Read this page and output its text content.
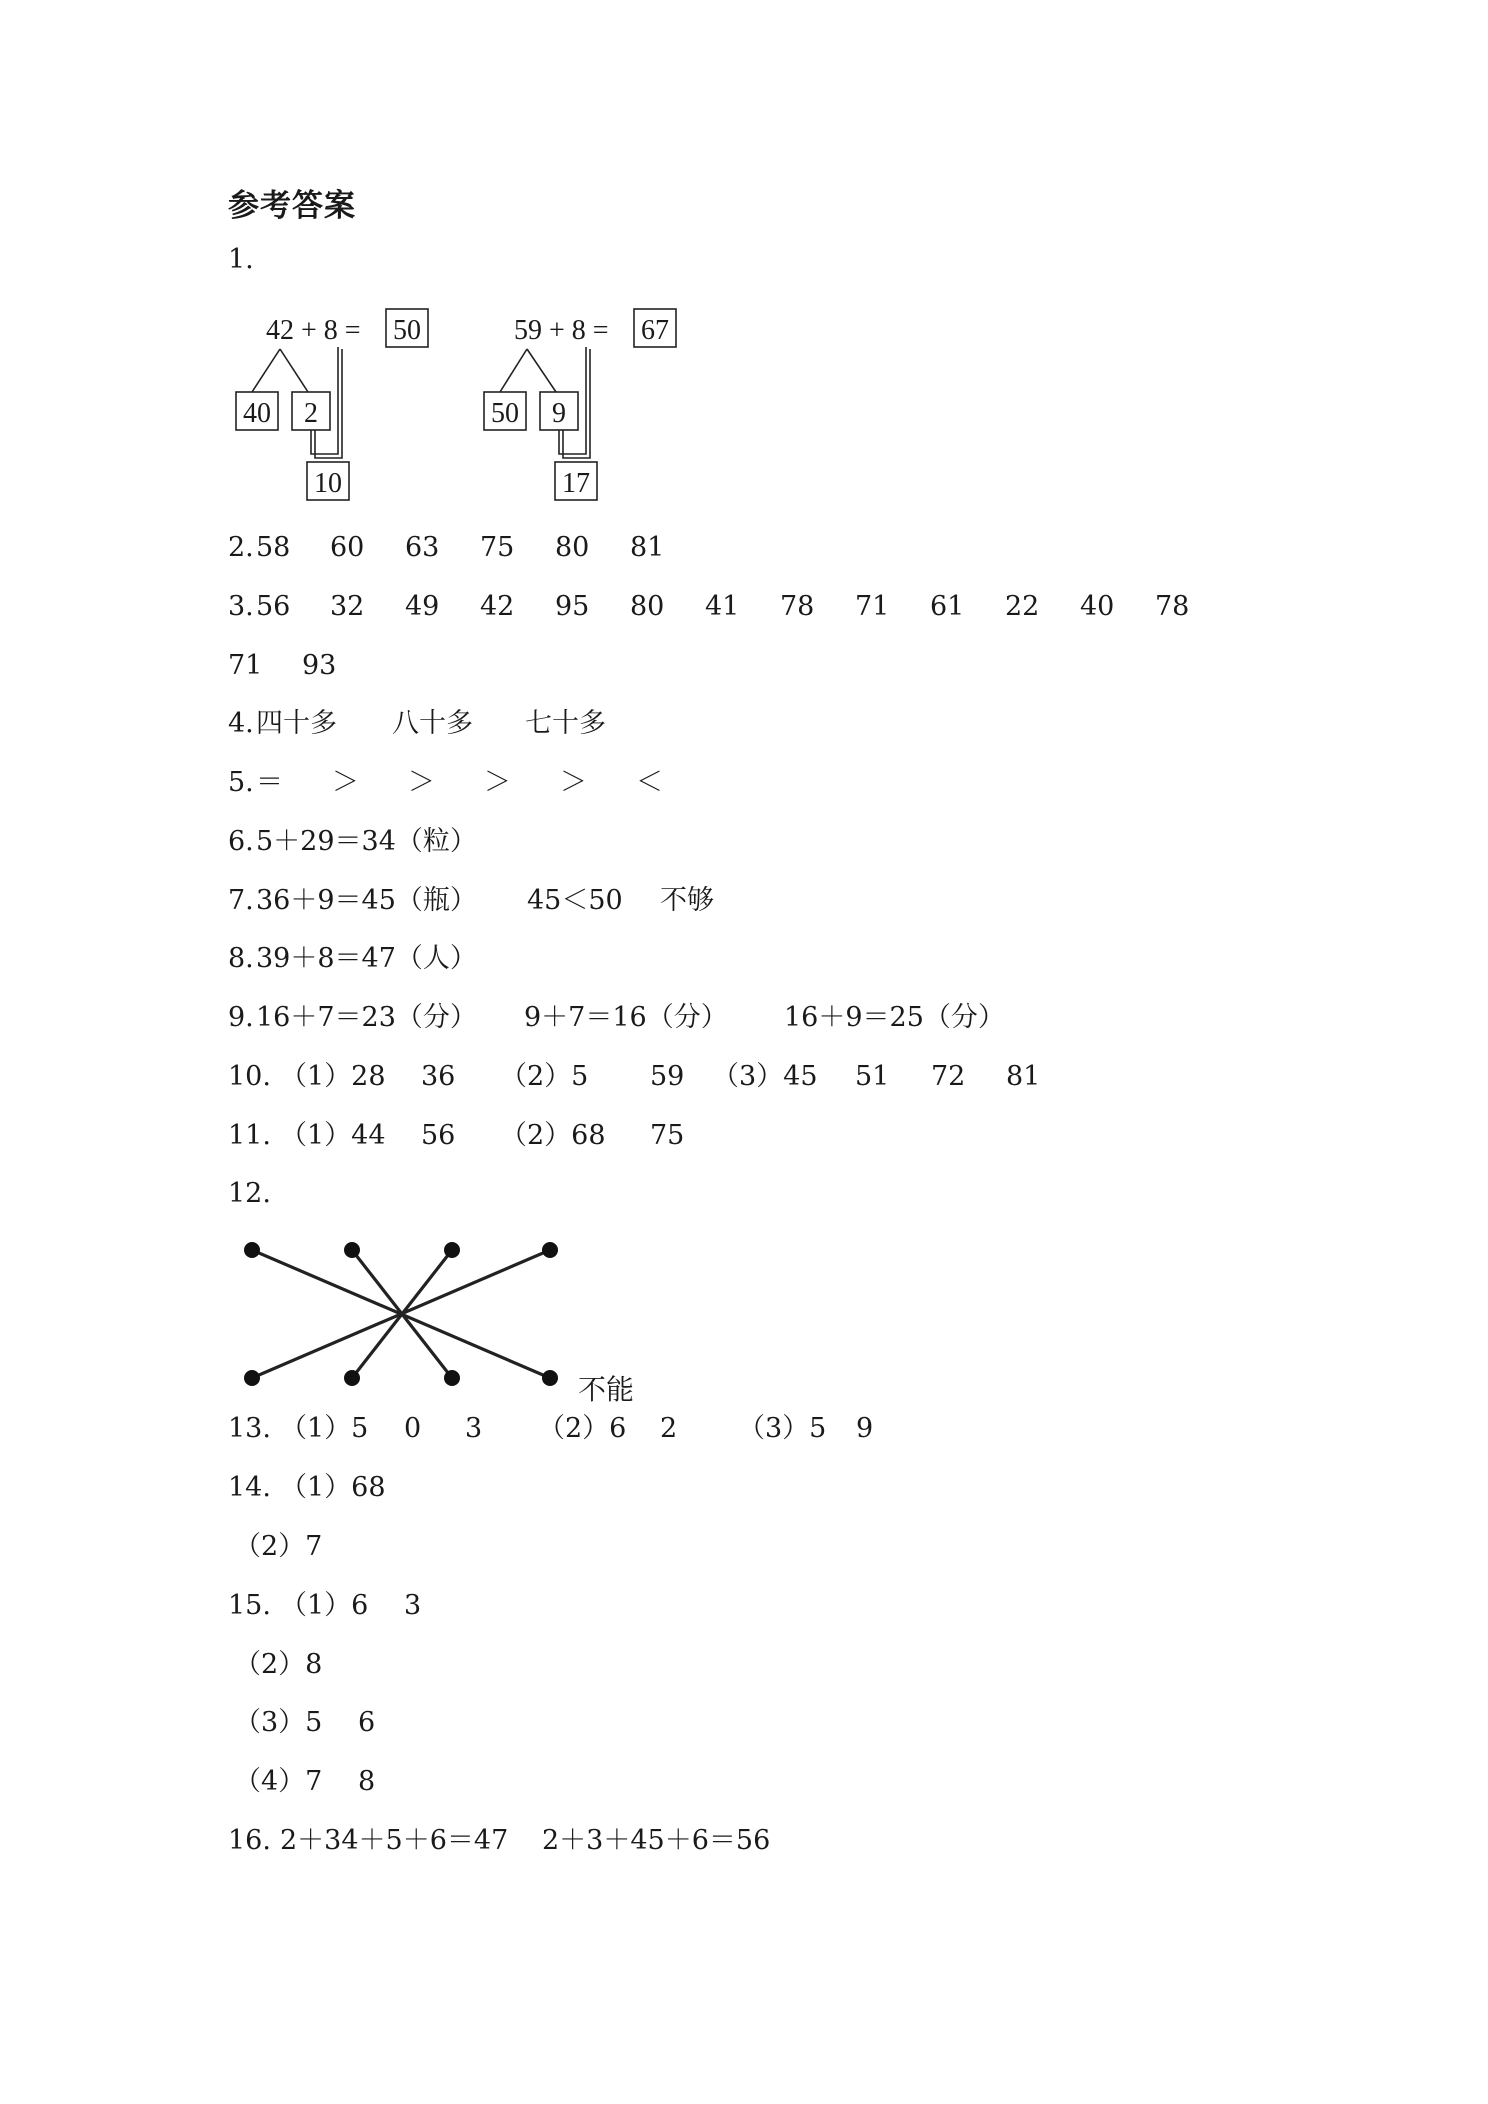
参考答案
1.
42 + 8 = 50
40 2
10
59 + 8 = 67
50 9
17
2. 58 60 63 75 80 81
3. 56 32 49 42 95 80 41 78 71 61 22 40 78
71 93
4. 四十多 八十多 七十多
5. ＝ ＞ ＞ ＞ ＞ ＜
6. 5＋29＝34（粒）
7. 36＋9＝45（瓶） 45＜50 不够
8. 39＋8＝47（人）
9. 16＋7＝23（分） 9＋7＝16（分） 16＋9＝25（分）
10. （1）28 36 （2）5 59 （3）45 51 72 81
11. （1）44 56 （2）68 75
12.
13. （1）5 0 3 （2）6 2 （3）5 9
14. （1）68
（2）7
15. （1）6 3
（2）8
（3）5 6
（4）7 8
16. 2＋34＋5＋6＝47 2＋3＋45＋6＝56
不能
